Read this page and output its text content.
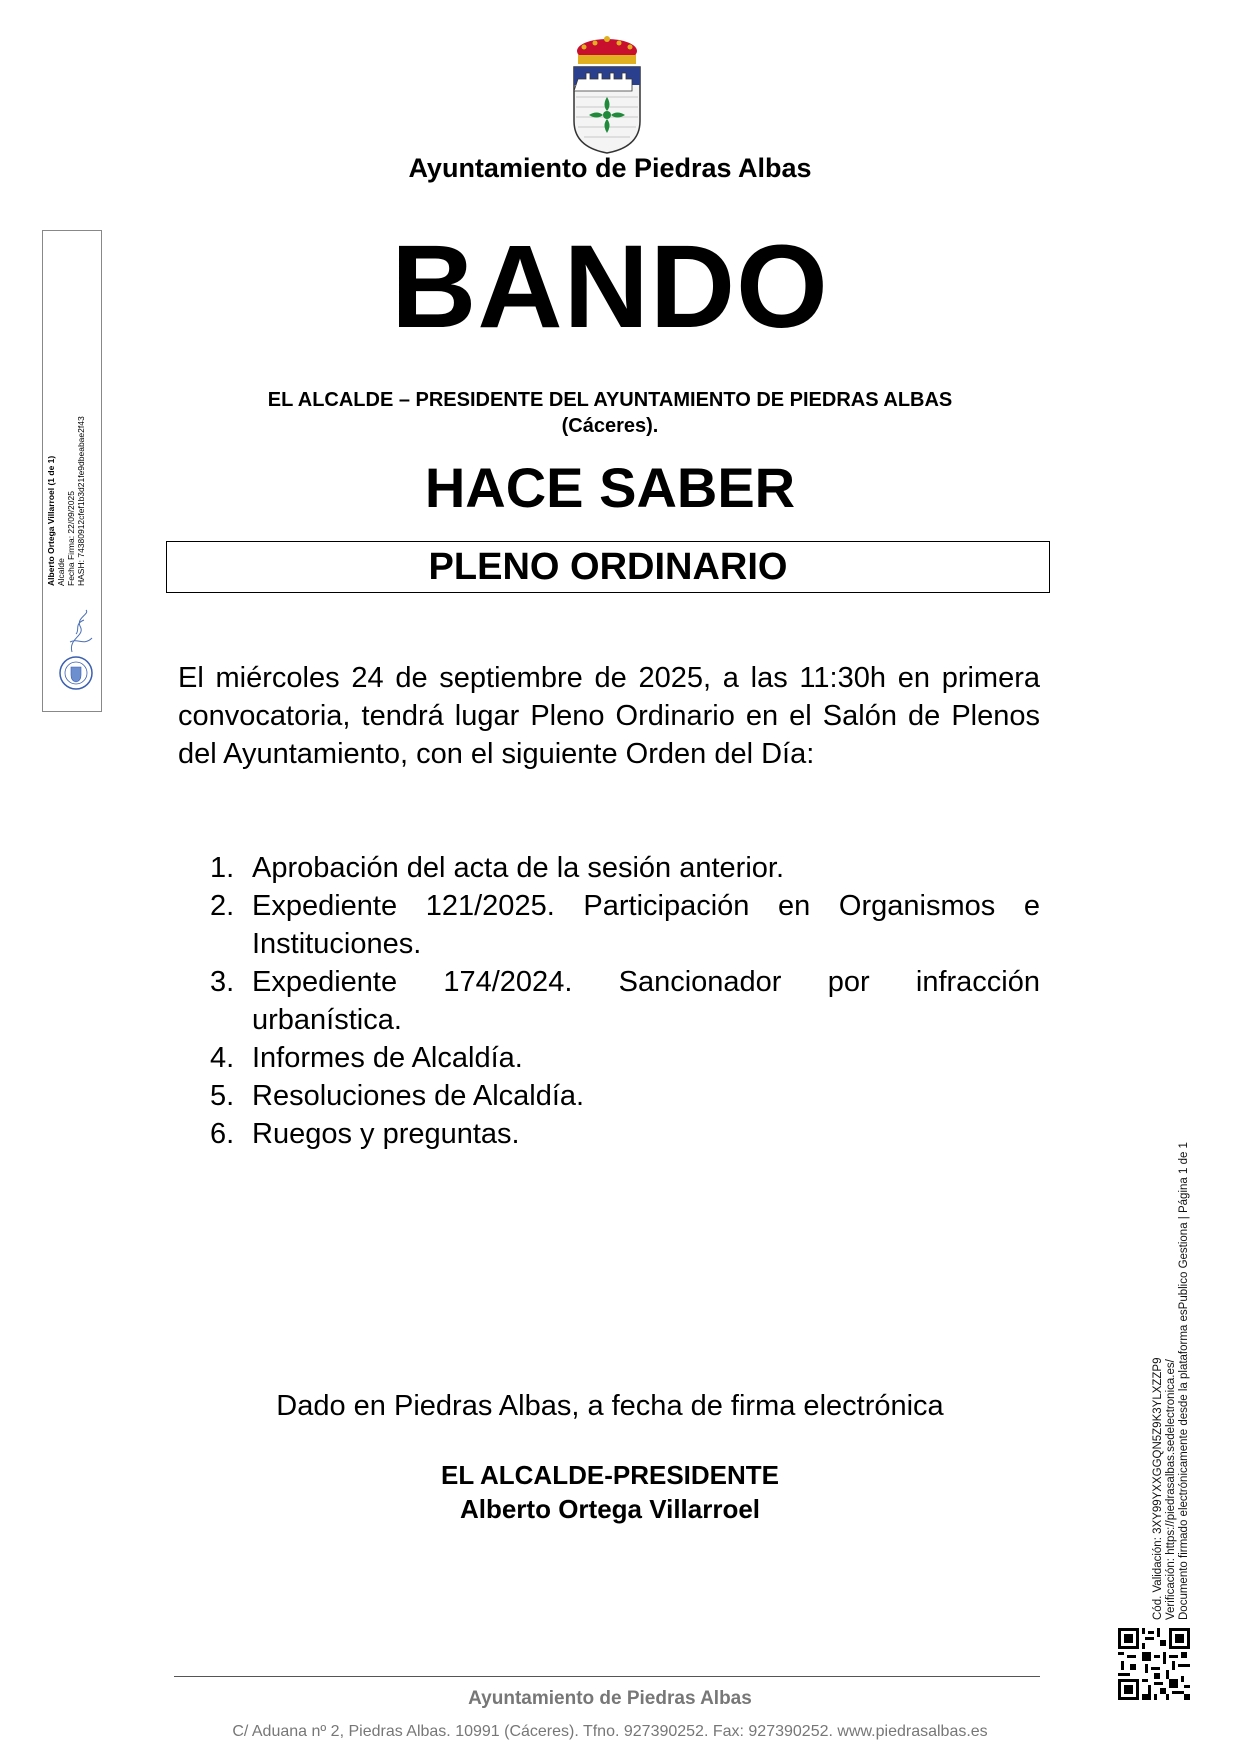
Ayuntamiento de Piedras Albas
BANDO
EL ALCALDE – PRESIDENTE DEL AYUNTAMIENTO DE PIEDRAS ALBAS
(Cáceres).
HACE SABER
PLENO ORDINARIO
El miércoles 24 de septiembre de 2025, a las 11:30h en primera convocatoria, tendrá lugar Pleno Ordinario en el Salón de Plenos del Ayuntamiento, con el siguiente Orden del Día:
1. Aprobación del acta de la sesión anterior.
2. Expediente 121/2025. Participación en Organismos e Instituciones.
3. Expediente 174/2024. Sancionador por infracción urbanística.
4. Informes de Alcaldía.
5. Resoluciones de Alcaldía.
6. Ruegos y preguntas.
Dado en Piedras Albas, a fecha de firma electrónica
EL ALCALDE-PRESIDENTE
Alberto Ortega Villarroel
Ayuntamiento de Piedras Albas
C/ Aduana nº 2, Piedras Albas. 10991 (Cáceres). Tfno. 927390252. Fax: 927390252. www.piedrasalbas.es
Alberto Ortega Villarroel (1 de 1) Alcalde Fecha Firma: 22/09/2025 HASH: 74380912cfef1b3d21fe9dbeabae2f43
Cód. Validación: 3XY99YXXGGQN5Z9K3YLXZZP9 Verificación: https://piedrasalbas.sedelectronica.es/ Documento firmado electrónicamente desde la plataforma esPublico Gestiona | Página 1 de 1
